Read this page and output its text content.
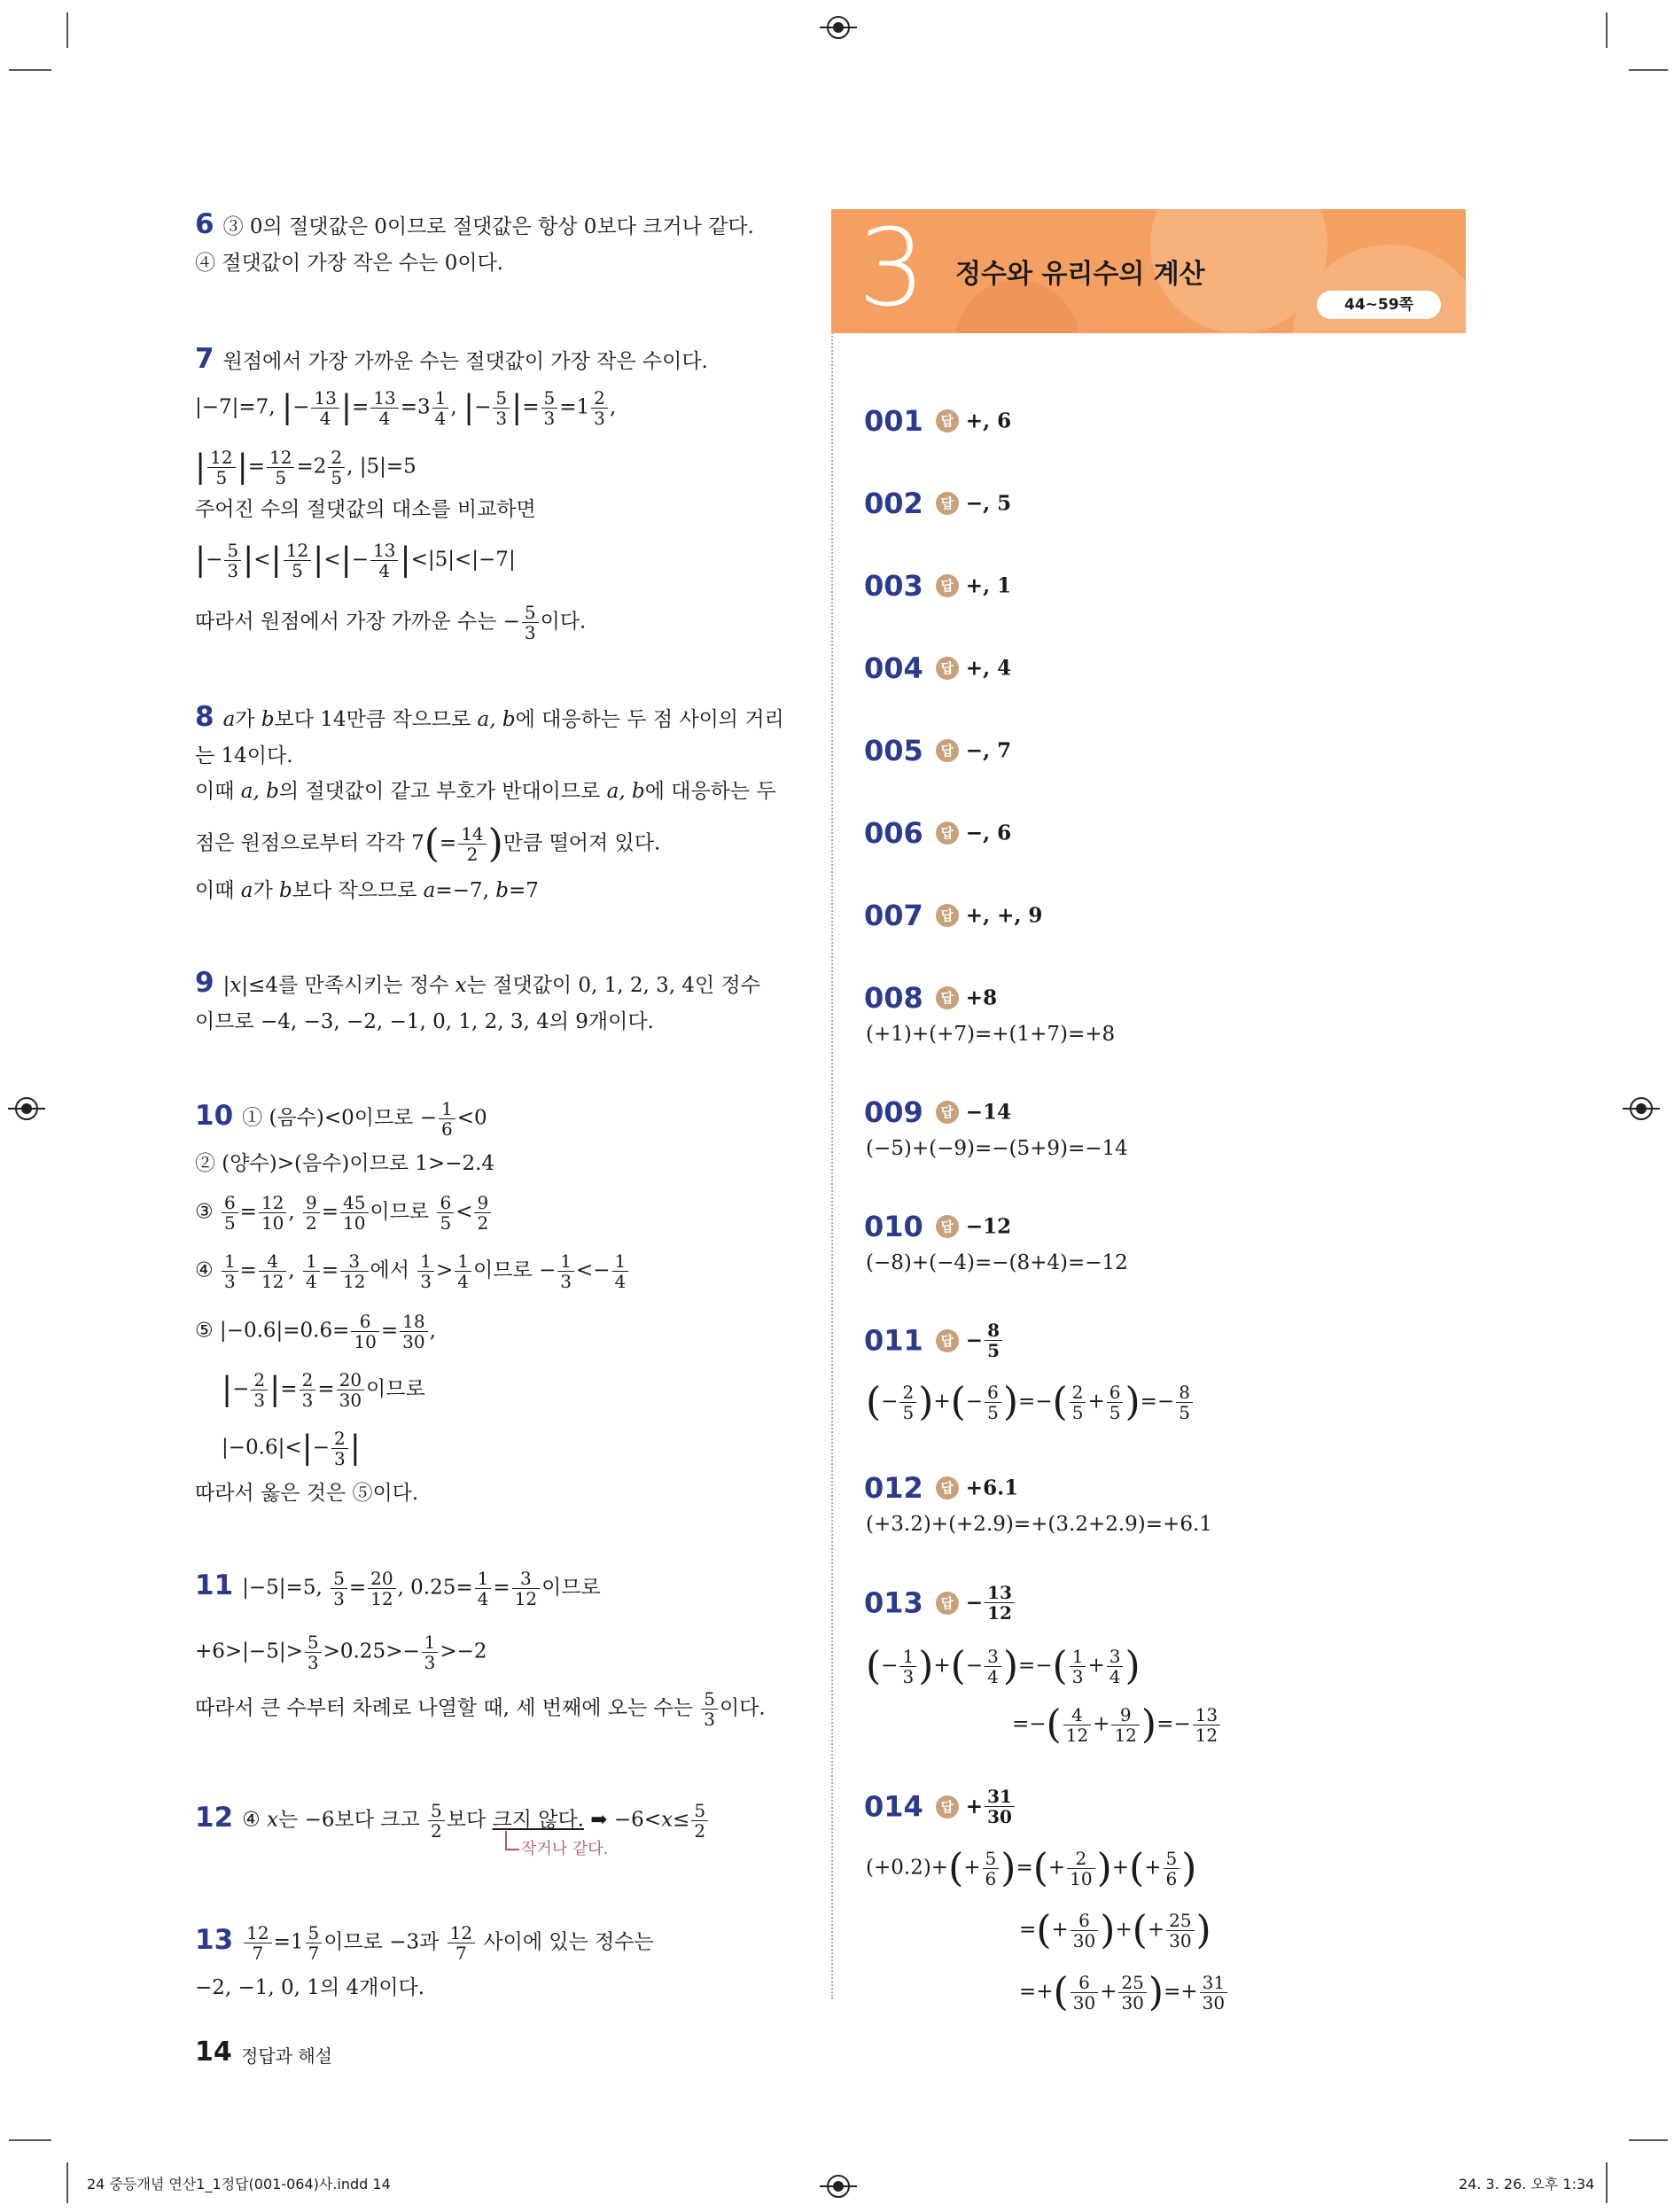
6 ③ 0의 절댓값은 0이므로 절댓값은 항상 0보다 크거나 같다.
④ 절댓값이 가장 작은 수는 0이다.
7 원점에서 가장 가까운 수는 절댓값이 가장 작은 수이다.
|−7|=7, |− $\frac{13}{4}$ |= $\frac{13}{4} =3 \frac{1}{4}$ , |− $\frac{5}{3}$ |= $\frac{5}{3} =1 \frac{2}{3}$ ,
| $\frac{12}{5}$ |= $\frac{12}{5} =2 \frac{2}{5}$ , |5|=5
주어진 수의 절댓값의 대소를 비교하면
|− $\frac{5}{3}$ |<| $\frac{12}{5}$ |<|− $\frac{13}{4} |<|5|<|-7|$
따라서 원점에서 가장 가까운 수는 − $\frac{5}{3}$ 이다.
8 a가 b보다 14만큼 작으므로 a, b에 대응하는 두 점 사이의 거리
는 14이다.
이때 a, b의 절댓값이 같고 부호가 반대이므로 a, b에 대응하는 두
점은 원점으로부터 각각 $7(= \frac{14}{2}$ )만큼 떨어져 있다.
이때 a가 b보다 작으므로 a=−7, b=7
9 |x|≤4를 만족시키는 정수 x는 절댓값이 0, 1, 2, 3, 4인 정수
이므로 −4, −3, −2, −1, 0, 1, 2, 3, 4의 9개이다.
10 ① (음수)<0이므로 − $\frac{1}{6} <0$
② (양수)>(음수)이므로 1>−2.4
③ $\frac{6}{5} = \frac{12}{10}$ , $\frac{9}{2} = \frac{45}{10}$ 이므로 $\frac{6}{5} < \frac{9}{2}$
④ $\frac{1}{3} = \frac{4}{12}$ , $\frac{1}{4} = \frac{3}{12}$ 에서 $\frac{1}{3} > \frac{1}{4}$ 이므로 − $\frac{1}{3} <- \frac{1}{4}$
⑤ $|-0.6|=0.6= \frac{6}{10} = \frac{18}{30}$ ,
|− $\frac{2}{3}$ |= $\frac{2}{3} = \frac{20}{30}$ 이므로
$|-0.6|<|- \frac{2}{3}$ |
따라서 옳은 것은 ⑤이다.
11 |−5|=5, $\frac{5}{3} = \frac{20}{12}$ , $0.25= \frac{1}{4} = \frac{3}{12}$ 이므로
$+6>|-5|> \frac{5}{3} >0.25>- \frac{1}{3} >-2$
따라서 큰 수부터 차례로 나열할 때, 세 번째에 오는 수는 $\frac{5}{3}$ 이다.
12 ④ x는 −6보다 크고 $\frac{5}{2}$ 보다 크지 않다. ➡ $-6<x\le \frac{5}{2}$
작거나 같다.
$13 \frac{12}{7} =1 \frac{5}{7}$ 이므로 −3과 $\frac{12}{7}$ 사이에 있는 정수는
−2, −1, 0, 1의 4개이다.
3 정수와 유리수의 계산
44~59쪽
001 답 +, 6
002 답 −, 5
003 답 +, 1
004 답 +, 4
005 답 −, 7
006 답 −, 6
007 답 +, +, 9
008 답 +8
(+1)+(+7)=+(1+7)=+8
009 답 −14
(−5)+(−9)=−(5+9)=−14
010 답 −12
(−8)+(−4)=−(8+4)=−12
011 답 − $\frac{8}{5}$
(− $\frac{2}{5}$ )+(− $\frac{6}{5}$ )=−( $\frac{2}{5} + \frac{6}{5}$ )=− $\frac{8}{5}$
012 답 +6.1
(+3.2)+(+2.9)=+(3.2+2.9)=+6.1
013 답 − $\frac{13}{12}$
(− $\frac{1}{3}$ )+(− $\frac{3}{4}$ )=−( $\frac{1}{3} + \frac{3}{4}$ )
=−( $\frac{4}{12} + \frac{9}{12}$ )=− $\frac{13}{12}$
014 답 + $\frac{31}{30}$
$(+0.2)+(+ \frac{5}{6}$ )=(+ $\frac{2}{10}$ )+(+ $\frac{5}{6}$ )
=(+ $\frac{6}{30}$ )+(+ $\frac{25}{30}$ )
=+( $\frac{6}{30} + \frac{25}{30}$ )=+ $\frac{31}{30}$
14 정답과 해설
24 중등개념 연산1_1정답(001-064)사.indd 14	24. 3. 26. 오후 1:34
